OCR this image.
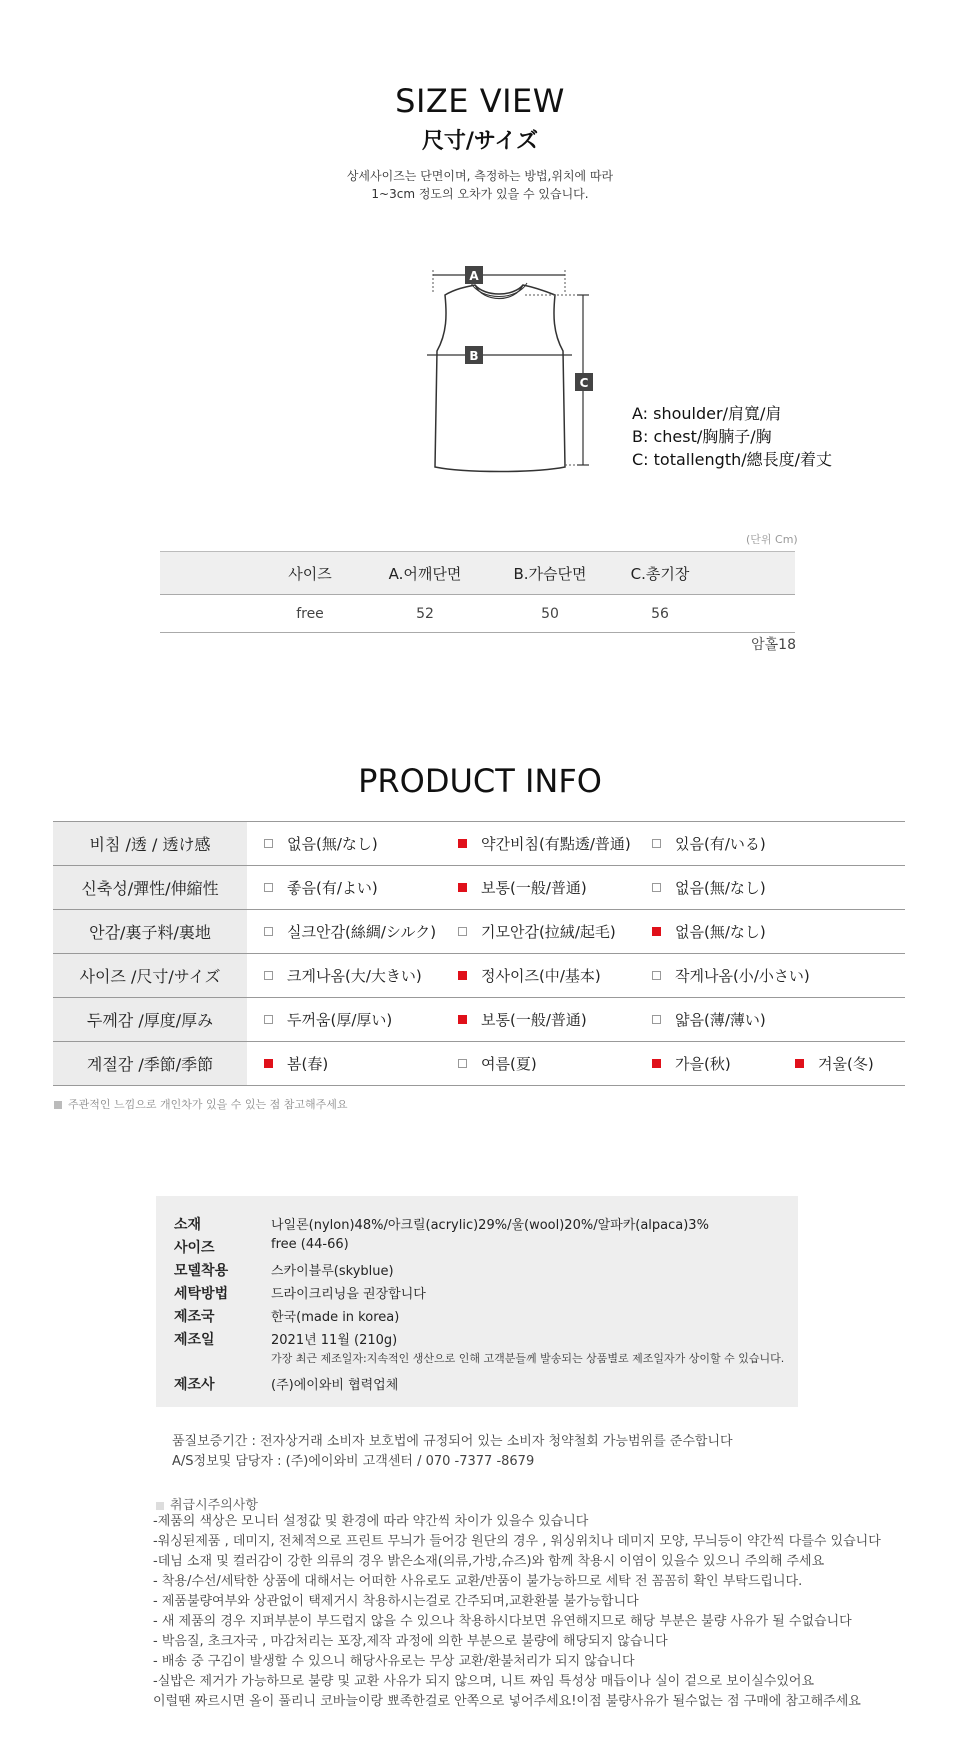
SIZE VIEW
尺寸/サイズ
상세사이즈는 단면이며, 측정하는 방법,위치에 따라
1~3cm 정도의 오차가 있을 수 있습니다.
A
B
C
A: shoulder/肩寬/肩
B: chest/胸腩子/胸
C: totallength/總長度/着丈
(단위 Cm)
사이즈	A.어깨단면	B.가슴단면	C.총기장
free	52	50	56
암홀18
PRODUCT INFO
비침 /透 / 透け感	없음(無/なし)	약간비침(有點透/普通)	있음(有/いる)
신축성/彈性/伸縮性	좋음(有/よい)	보통(一般/普通)	없음(無/なし)
안감/裏子料/裏地	실크안감(絲綢/シルク)	기모안감(拉絨/起毛)	없음(無/なし)
사이즈 /尺寸/サイズ	크게나옴(大/大きい)	정사이즈(中/基本)	작게나옴(小/小さい)
두께감 /厚度/厚み	두꺼움(厚/厚い)	보통(一般/普通)	얇음(薄/薄い)
계절감 /季節/季節	봄(春)	여름(夏)	가을(秋)	겨울(冬)
주관적인 느낌으로 개인차가 있을 수 있는 점 참고해주세요
소재	나일론(nylon)48%/아크릴(acrylic)29%/울(wool)20%/알파카(alpaca)3%
사이즈	free (44-66)
모델착용	스카이블루(skyblue)
세탁방법	드라이크리닝을 권장합니다
제조국	한국(made in korea)
제조일	2021년 11월 (210g)
가장 최근 제조일자:지속적인 생산으로 인해 고객분들께 발송되는 상품별로 제조일자가 상이할 수 있습니다.
제조사	(주)에이와비 협력업체
품질보증기간 : 전자상거래 소비자 보호법에 규정되어 있는 소비자 청약철회 가능범위를 준수합니다
A/S정보및 담당자 : (주)에이와비 고객센터 / 070 -7377 -8679
취급시주의사항
-제품의 색상은 모니터 설정값 및 환경에 따라 약간씩 차이가 있을수 있습니다
-워싱된제품 , 데미지, 전체적으로 프린트 무늬가 들어강 원단의 경우 , 워싱위치나 데미지 모양, 무늬등이 약간씩 다를수 있습니다
-데님 소재 및 컬러감이 강한 의류의 경우 밝은소재(의류,가방,슈즈)와 함께 착용시 이염이 있을수 있으니 주의해 주세요
- 착용/수선/세탁한 상품에 대해서는 어떠한 사유로도 교환/반품이 불가능하므로 세탁 전 꼼꼼히 확인 부탁드립니다.
- 제품불량여부와 상관없이 택제거시 착용하시는걸로 간주되며,교환환불 불가능합니다
- 새 제품의 경우 지퍼부분이 부드럽지 않을 수 있으나 착용하시다보면 유연해지므로 해당 부분은 불량 사유가 될 수없습니다
- 박음질, 초크자국 , 마감처리는 포장,제작 과정에 의한 부분으로 불량에 해당되지 않습니다
- 배송 중 구김이 발생할 수 있으니 해당사유로는 무상 교환/환불처리가 되지 않습니다
-실밥은 제거가 가능하므로 불량 및 교환 사유가 되지 않으며, 니트 짜임 특성상 매듭이나 실이 겉으로 보이실수있어요
이럴땐 짜르시면 올이 풀리니 코바늘이랑 뾰족한걸로 안쪽으로 넣어주세요!이점 불량사유가 될수없는 점 구매에 참고해주세요
